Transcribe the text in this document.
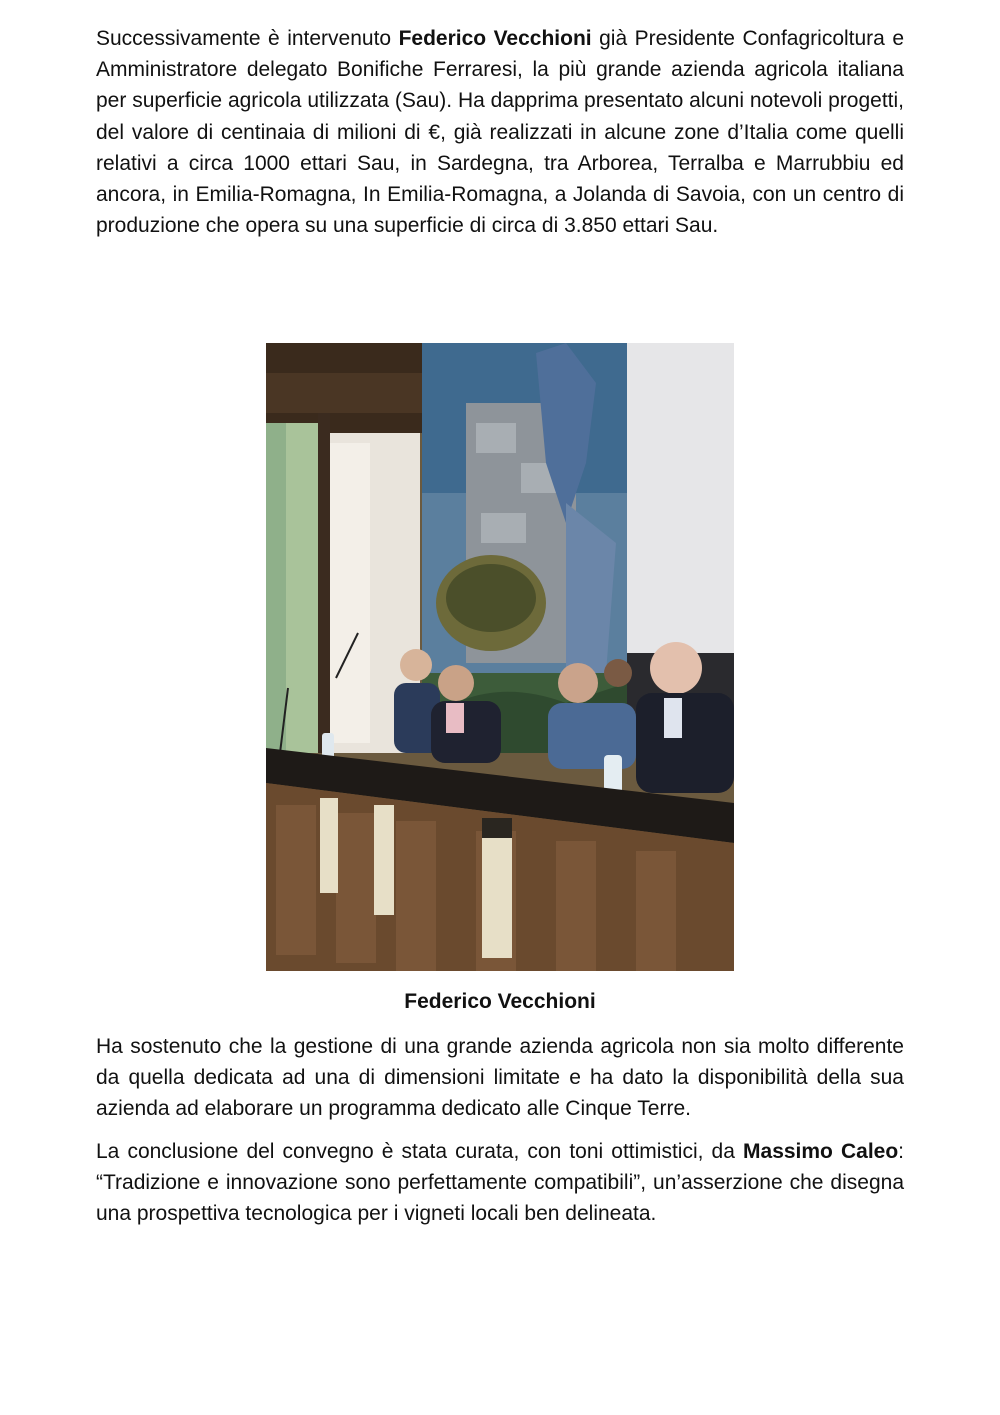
Successivamente è intervenuto Federico Vecchioni già Presidente Confagricoltura e Amministratore delegato Bonifiche Ferraresi, la più grande azienda agricola italiana per superficie agricola utilizzata (Sau). Ha dapprima presentato alcuni notevoli progetti, del valore di centinaia di milioni di €, già realizzati in alcune zone d’Italia come quelli relativi a circa 1000 ettari Sau, in Sardegna, tra Arborea, Terralba e Marrubbiu ed ancora, in Emilia-Romagna, In Emilia-Romagna, a Jolanda di Savoia, con un centro di produzione che opera su una superficie di circa di 3.850 ettari Sau.

Federico Vecchioni

Ha sostenuto che la gestione di una grande azienda agricola non sia molto differente da quella dedicata ad una di dimensioni limitate e ha dato la disponibilità della sua azienda ad elaborare un programma dedicato alle Cinque Terre.

La conclusione del convegno è stata curata, con toni ottimistici, da Massimo Caleo: “Tradizione e innovazione sono perfettamente compatibili”, un’asserzione che disegna una prospettiva tecnologica per i vigneti locali ben delineata.
